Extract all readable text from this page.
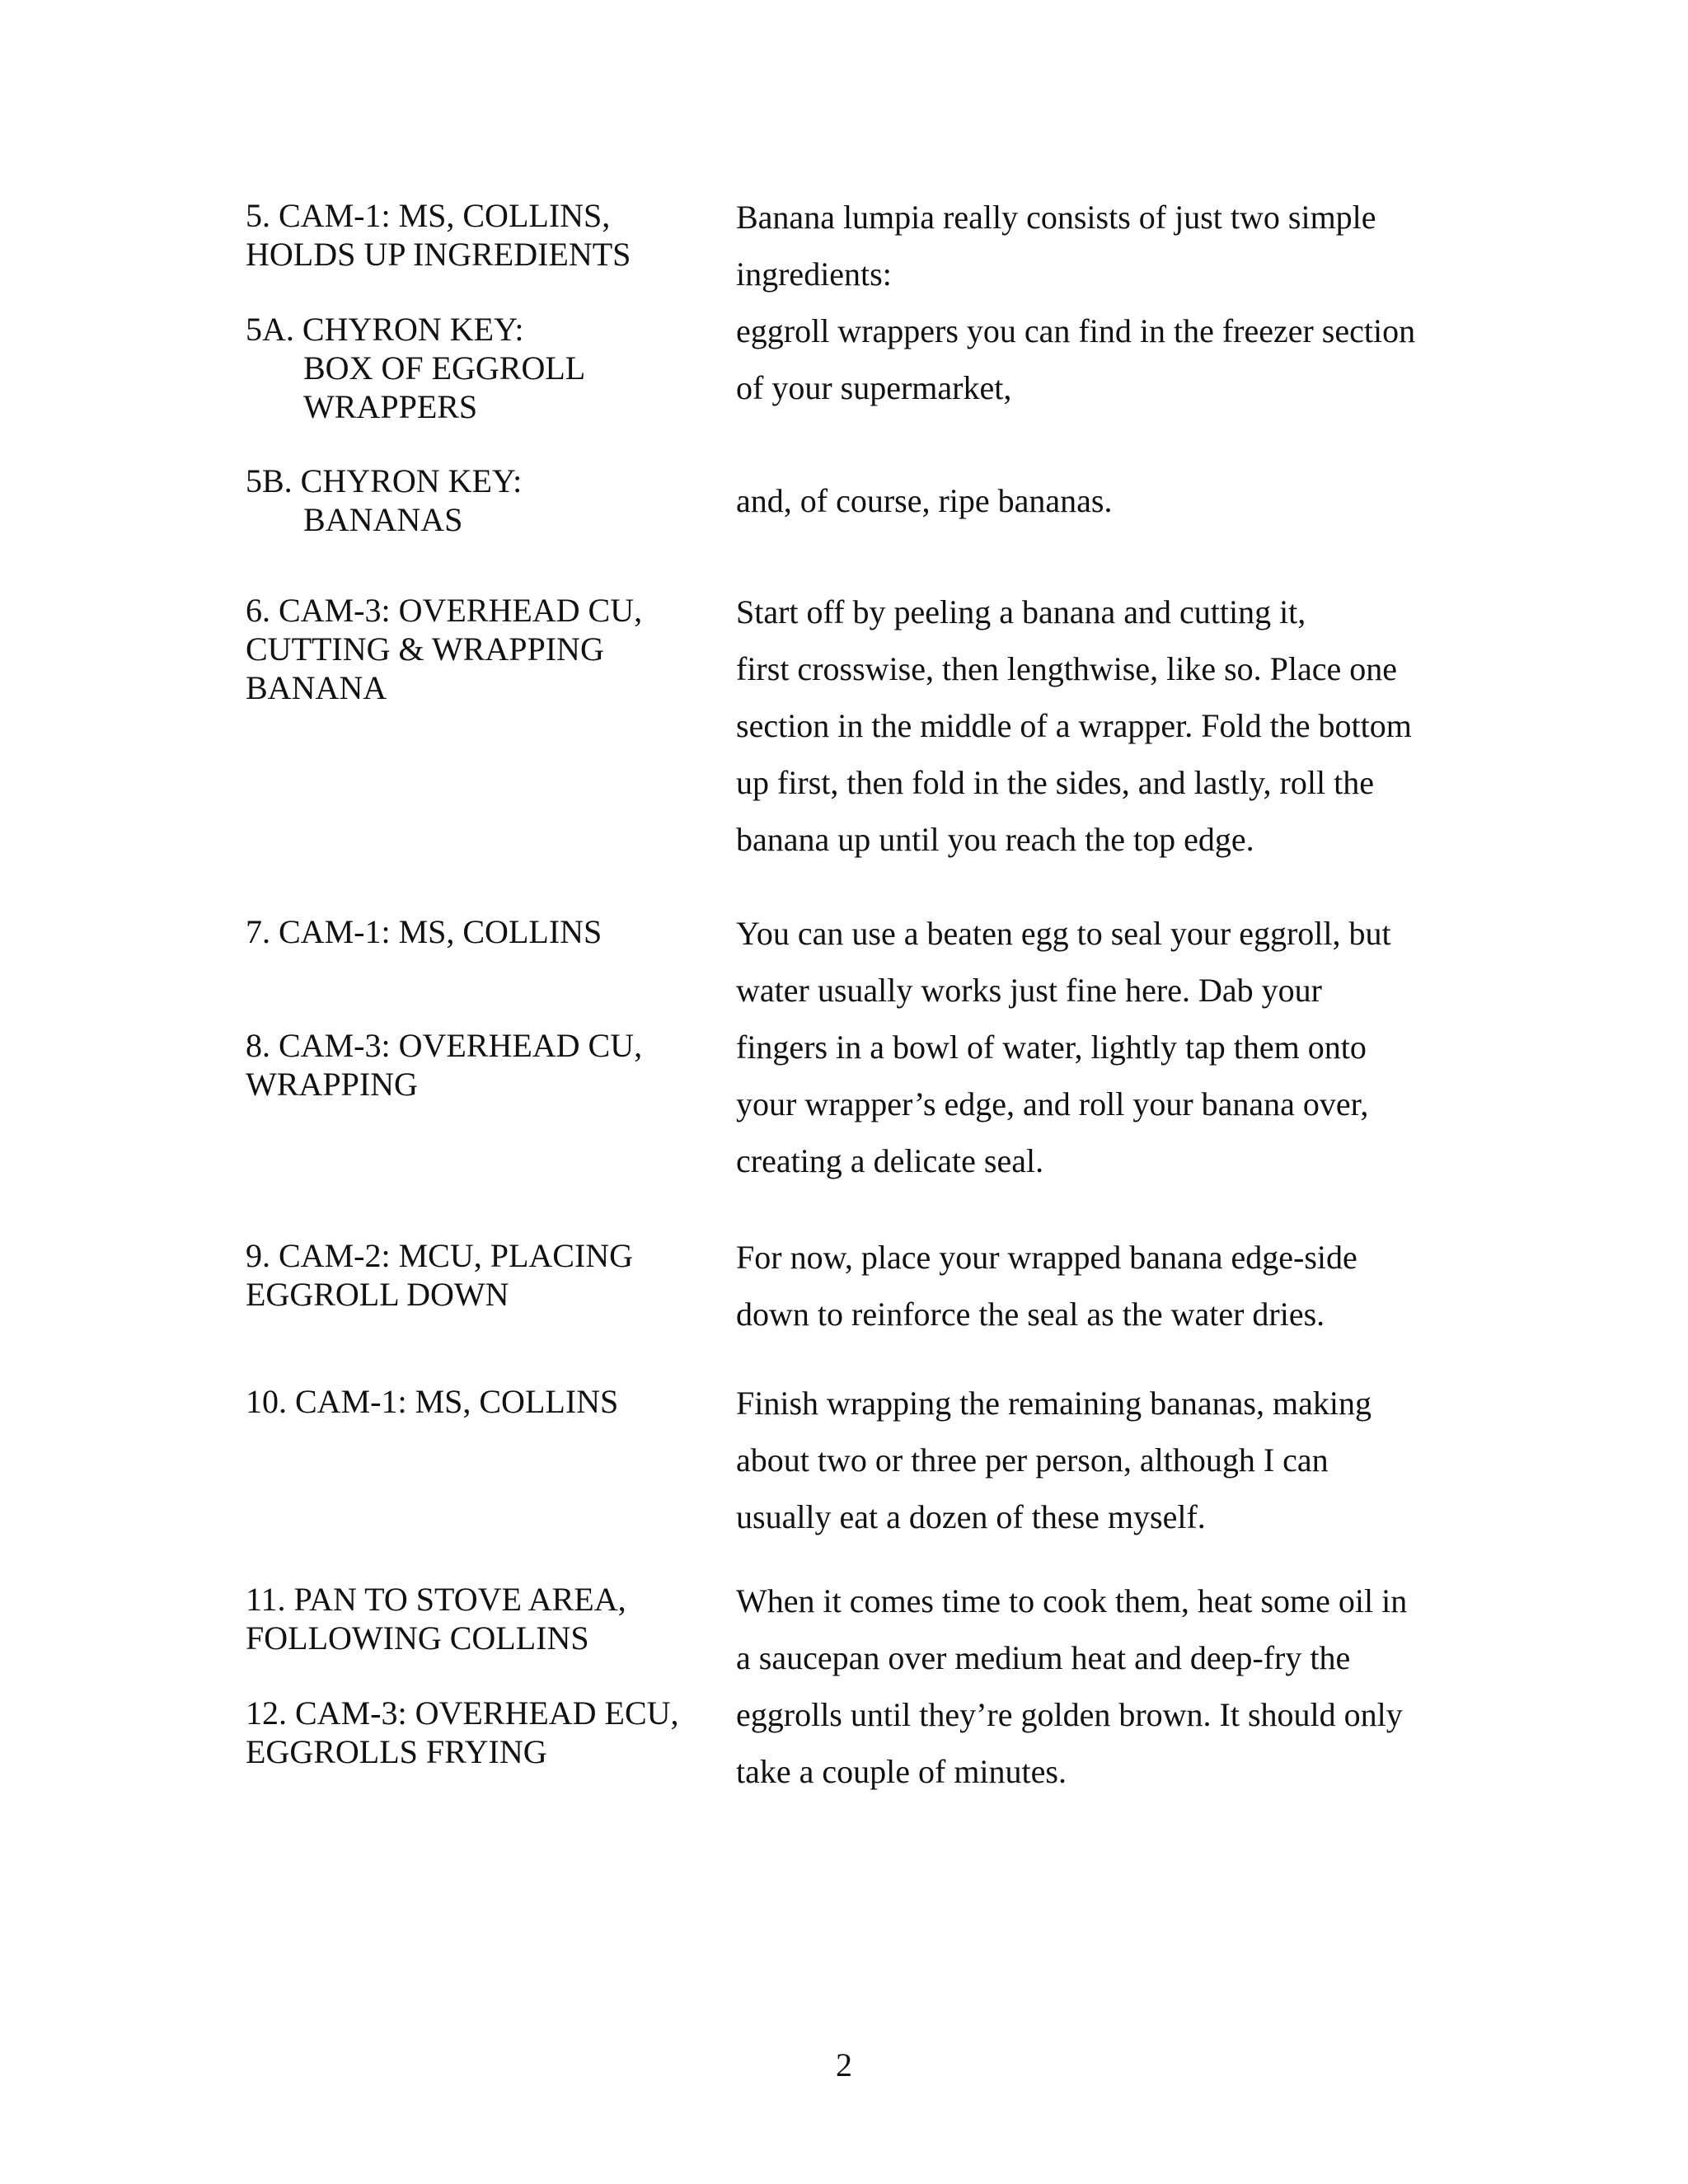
5. CAM-1: MS, COLLINS,
HOLDS UP INGREDIENTS
5A. CHYRON KEY:
BOX OF EGGROLL
WRAPPERS
5B. CHYRON KEY:
BANANAS
6. CAM-3: OVERHEAD CU,
CUTTING & WRAPPING
BANANA
7. CAM-1: MS, COLLINS
8. CAM-3: OVERHEAD CU,
WRAPPING
9. CAM-2: MCU, PLACING
EGGROLL DOWN
10. CAM-1: MS, COLLINS
11. PAN TO STOVE AREA,
FOLLOWING COLLINS
12. CAM-3: OVERHEAD ECU,
EGGROLLS FRYING
Banana lumpia really consists of just two simple
ingredients:
eggroll wrappers you can find in the freezer section
of your supermarket,
and, of course, ripe bananas.
Start off by peeling a banana and cutting it,
first crosswise, then lengthwise, like so. Place one
section in the middle of a wrapper. Fold the bottom
up first, then fold in the sides, and lastly, roll the
banana up until you reach the top edge.
You can use a beaten egg to seal your eggroll, but
water usually works just fine here. Dab your
fingers in a bowl of water, lightly tap them onto
your wrapper’s edge, and roll your banana over,
creating a delicate seal.
For now, place your wrapped banana edge-side
down to reinforce the seal as the water dries.
Finish wrapping the remaining bananas, making
about two or three per person, although I can
usually eat a dozen of these myself.
When it comes time to cook them, heat some oil in
a saucepan over medium heat and deep-fry the
eggrolls until they’re golden brown. It should only
take a couple of minutes.
2
